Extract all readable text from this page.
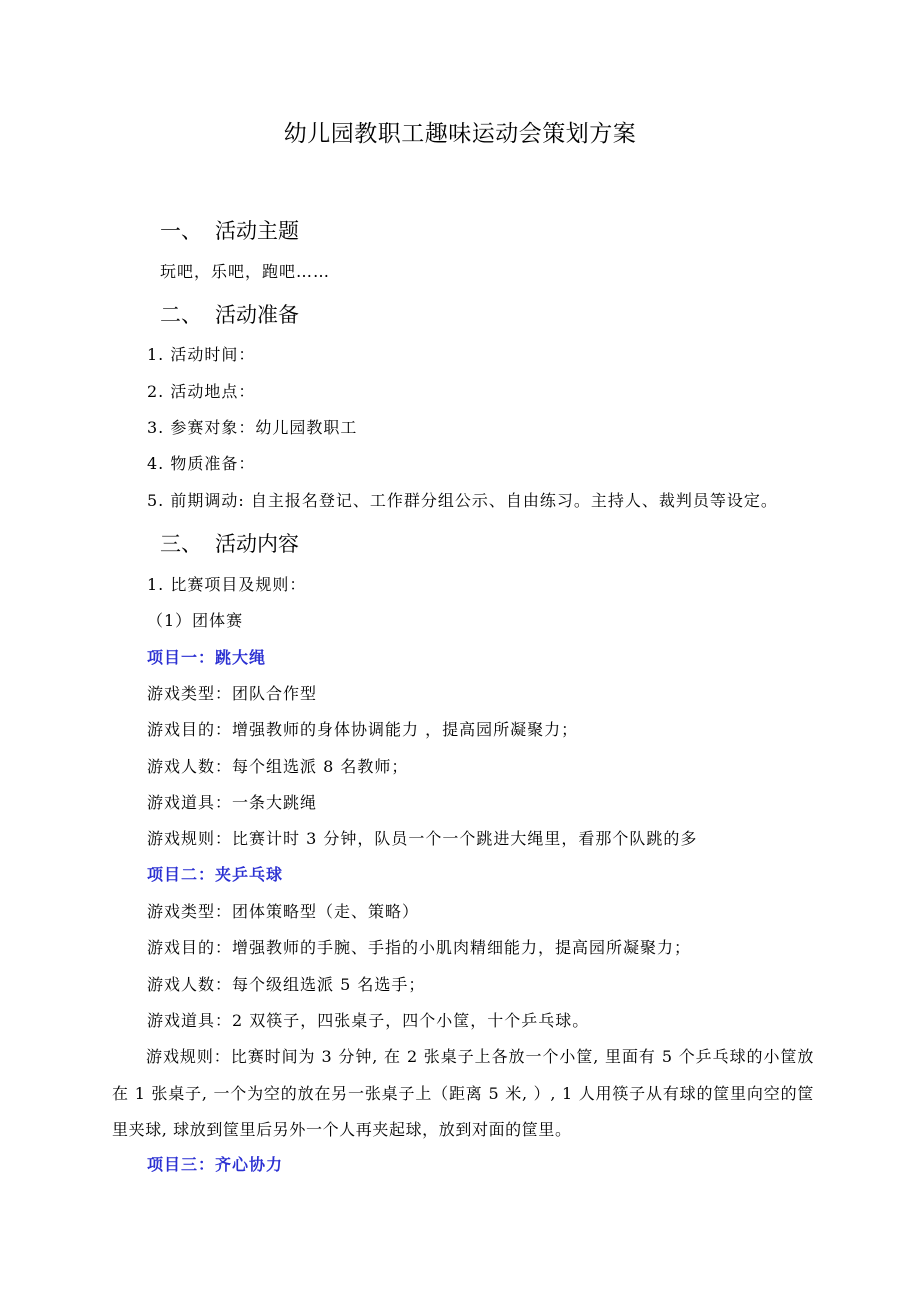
幼儿园教职工趣味运动会策划方案
一、 活动主题
玩吧，乐吧，跑吧……
二、 活动准备
1. 活动时间：
2. 活动地点：
3. 参赛对象：幼儿园教职工
4. 物质准备：
5. 前期调动: 自主报名登记、工作群分组公示、自由练习。主持人、裁判员等设定。
三、 活动内容
1. 比赛项目及规则：
（1）团体赛
项目一：跳大绳
游戏类型：团队合作型
游戏目的：增强教师的身体协调能力 ，提高园所凝聚力；
游戏人数：每个组选派 8 名教师；
游戏道具：一条大跳绳
游戏规则：比赛计时 3 分钟，队员一个一个跳进大绳里，看那个队跳的多
项目二：夹乒乓球
游戏类型：团体策略型（走、策略）
游戏目的：增强教师的手腕、手指的小肌肉精细能力，提高园所凝聚力；
游戏人数：每个级组选派 5 名选手；
游戏道具：2 双筷子，四张桌子，四个小筐，十个乒乓球。
游戏规则：比赛时间为 3 分钟, 在 2 张桌子上各放一个小筐, 里面有 5 个乒乓球的小筐放在 1 张桌子, 一个为空的放在另一张桌子上（距离 5 米, ）, 1 人用筷子从有球的筐里向空的筐里夹球, 球放到筐里后另外一个人再夹起球，放到对面的筐里。
项目三：齐心协力
